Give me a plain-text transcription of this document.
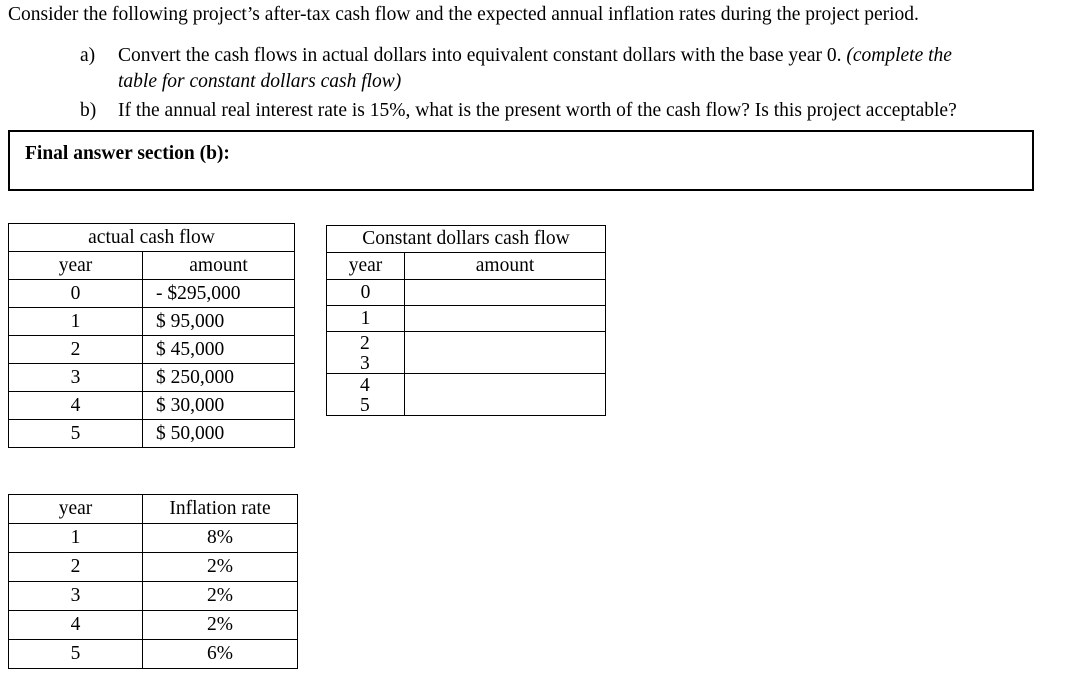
Consider the following project’s after-tax cash flow and the expected annual inflation rates during the project period.
a) Convert the cash flows in actual dollars into equivalent constant dollars with the base year 0. (complete the
table for constant dollars cash flow)
b) If the annual real interest rate is 15%, what is the present worth of the cash flow? Is this project acceptable?
Final answer section (b):
actual cash flow	
year	amount
0	- $295,000
1	$ 95,000
2	$ 45,000
3	$ 250,000
4	$ 30,000
5	$ 50,000
Constant dollars cash flow	
year	amount
0	
1	
2
3	
4
5	
year	Inflation rate
1	8%
2	2%
3	2%
4	2%
5	6%
